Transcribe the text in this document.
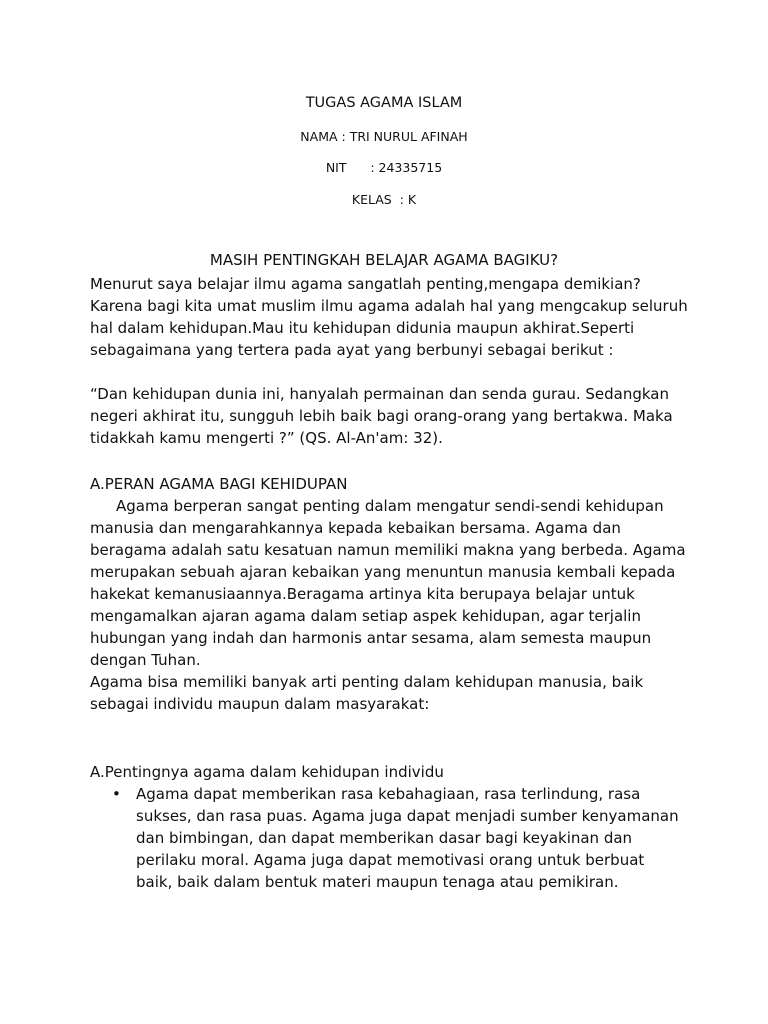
TUGAS AGAMA ISLAM
NAMA : TRI NURUL AFINAH
NIT      : 24335715
KELAS  : K
MASIH PENTINGKAH BELAJAR AGAMA BAGIKU?

Menurut saya belajar ilmu agama sangatlah penting,mengapa demikian? Karena bagi kita umat muslim ilmu agama adalah hal yang mengcakup seluruh hal dalam kehidupan.Mau itu kehidupan didunia maupun akhirat.Seperti sebagaimana yang tertera pada ayat yang berbunyi sebagai berikut :

“Dan kehidupan dunia ini, hanyalah permainan dan senda gurau. Sedangkan negeri akhirat itu, sungguh lebih baik bagi orang-orang yang bertakwa. Maka tidakkah kamu mengerti ?” (QS. Al-An'am: 32).

A.PERAN AGAMA BAGI KEHIDUPAN

Agama berperan sangat penting dalam mengatur sendi-sendi kehidupan manusia dan mengarahkannya kepada kebaikan bersama. Agama dan beragama adalah satu kesatuan namun memiliki makna yang berbeda. Agama merupakan sebuah ajaran kebaikan yang menuntun manusia kembali kepada hakekat kemanusiaannya.Beragama artinya kita berupaya belajar untuk mengamalkan ajaran agama dalam setiap aspek kehidupan, agar terjalin hubungan yang indah dan harmonis antar sesama, alam semesta maupun dengan Tuhan.

Agama bisa memiliki banyak arti penting dalam kehidupan manusia, baik sebagai individu maupun dalam masyarakat:

A.Pentingnya agama dalam kehidupan individu
• Agama dapat memberikan rasa kebahagiaan, rasa terlindung, rasa sukses, dan rasa puas. Agama juga dapat menjadi sumber kenyamanan dan bimbingan, dan dapat memberikan dasar bagi keyakinan dan perilaku moral. Agama juga dapat memotivasi orang untuk berbuat baik, baik dalam bentuk materi maupun tenaga atau pemikiran.
